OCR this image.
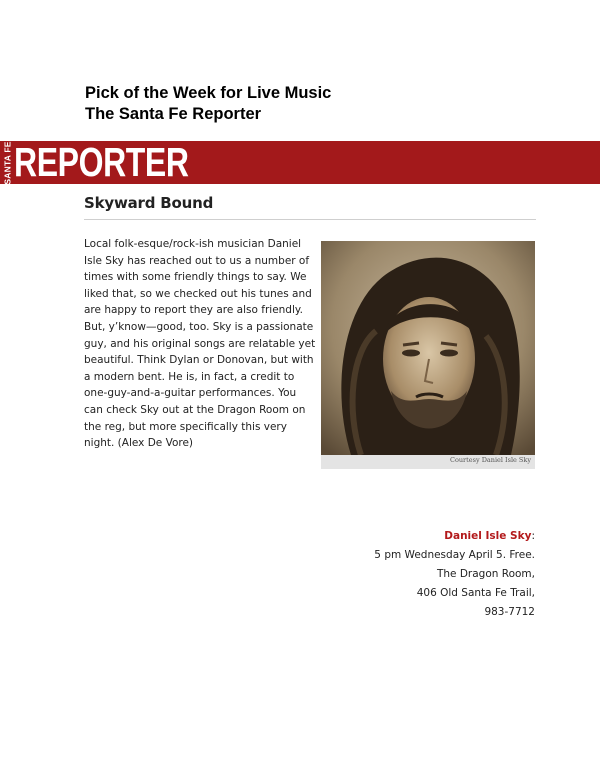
Pick of the Week for Live Music
The Santa Fe Reporter
SANTA FE REPORTER
Skyward Bound
Local folk-esque/rock-ish musician Daniel Isle Sky has reached out to us a number of times with some friendly things to say. We liked that, so we checked out his tunes and are happy to report they are also friendly. But, y’know—good, too. Sky is a passionate guy, and his original songs are relatable yet beautiful. Think Dylan or Donovan, but with a modern bent. He is, in fact, a credit to one-guy-and-a-guitar performances. You can check Sky out at the Dragon Room on the reg, but more specifically this very night. (Alex De Vore)
Courtesy Daniel Isle Sky
Daniel Isle Sky:
5 pm Wednesday April 5. Free.
The Dragon Room,
406 Old Santa Fe Trail,
983-7712
